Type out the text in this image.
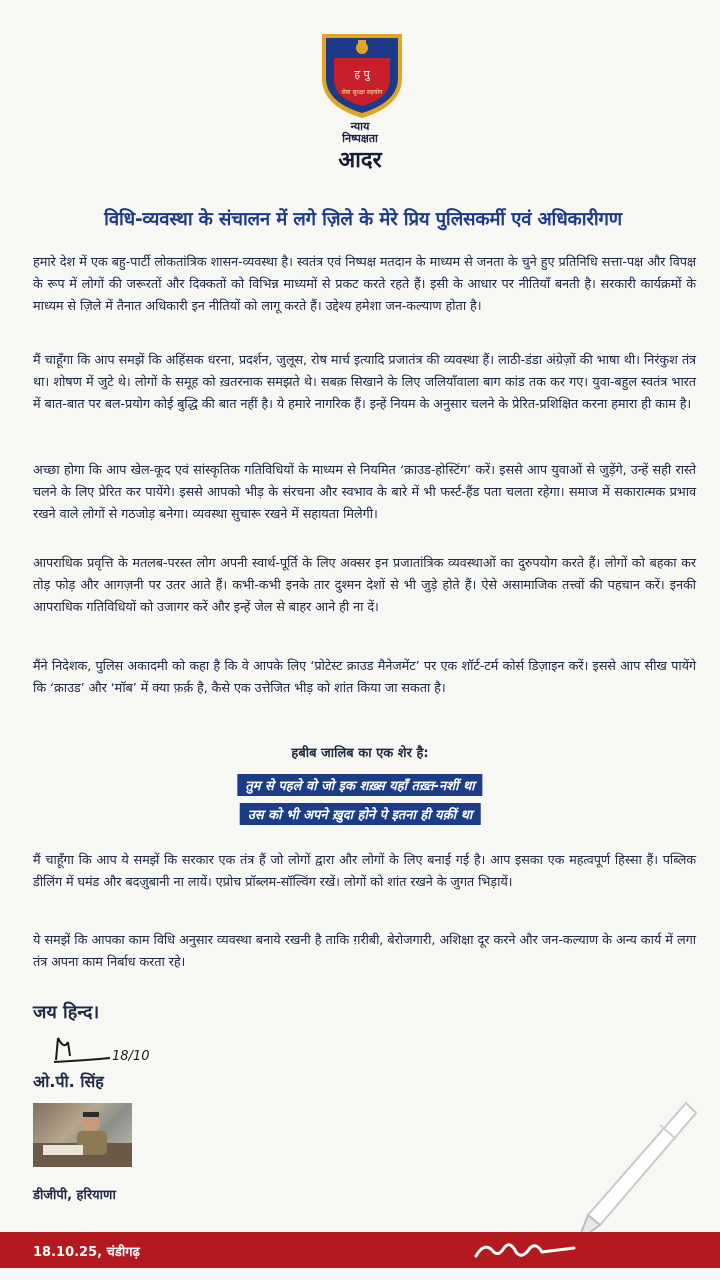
ह पु
सेवा सुरक्षा सहयोग
न्याय
निष्पक्षता
आदर
विधि-व्यवस्था के संचालन में लगे ज़िले के मेरे प्रिय पुलिसकर्मी एवं अधिकारीगण
हमारे देश में एक बहु-पार्टी लोकतांत्रिक शासन-व्यवस्था है। स्वतंत्र एवं निष्पक्ष मतदान के माध्यम से जनता के चुने हुए प्रतिनिधि सत्ता-पक्ष और विपक्ष के रूप में लोगों की जरूरतों और दिक्कतों को विभिन्न माध्यमों से प्रकट करते रहते हैं। इसी के आधार पर नीतियाँ बनती है। सरकारी कार्यक्रमों के माध्यम से ज़िले में तैनात अधिकारी इन नीतियों को लागू करते हैं। उद्देश्य हमेशा जन-कल्याण होता है।
मैं चाहूँगा कि आप समझें कि अहिंसक धरना, प्रदर्शन, जुलूस, रोष मार्च इत्यादि प्रजातंत्र की व्यवस्था हैं। लाठी-डंडा अंग्रेज़ों की भाषा थी। निरंकुश तंत्र था। शोषण में जुटे थे। लोगों के समूह को ख़तरनाक समझते थे। सबक़ सिखाने के लिए जलियाँवाला बाग कांड तक कर गए। युवा-बहुल स्वतंत्र भारत में बात-बात पर बल-प्रयोग कोई बुद्धि की बात नहीं है। ये हमारे नागरिक हैं। इन्हें नियम के अनुसार चलने के प्रेरित-प्रशिक्षित करना हमारा ही काम है।
अच्छा होगा कि आप खेल-कूद एवं सांस्कृतिक गतिविधियों के माध्यम से नियमित ‘क्राउड-होस्टिंग’ करें। इससे आप युवाओं से जुड़ेंगे, उन्हें सही रास्ते चलने के लिए प्रेरित कर पायेंगे। इससे आपको भीड़ के संरचना और स्वभाव के बारे में भी फर्स्ट-हैंड पता चलता रहेगा। समाज में सकारात्मक प्रभाव रखने वाले लोगों से गठजोड़ बनेगा। व्यवस्था सुचारू रखने में सहायता मिलेगी।
आपराधिक प्रवृत्ति के मतलब-परस्त लोग अपनी स्वार्थ-पूर्ति के लिए अक्सर इन प्रजातांत्रिक व्यवस्थाओं का दुरुपयोग करते हैं। लोगों को बहका कर तोड़ फोड़ और आगज़नी पर उतर आते हैं। कभी-कभी इनके तार दुश्मन देशों से भी जुड़े होते हैं। ऐसे असामाजिक तत्त्वों की पहचान करें। इनकी आपराधिक गतिविधियों को उजागर करें और इन्हें जेल से बाहर आने ही ना दें।
मैंने निदेशक, पुलिस अकादमी को कहा है कि वे आपके लिए ‘प्रोटेस्ट क्राउड मैनेजमेंट’ पर एक शॉर्ट-टर्म कोर्स डिज़ाइन करें। इससे आप सीख पायेंगे कि ‘क्राउड’ और ‘मॉब’ में क्या फ़र्क़ है, कैसे एक उत्तेजित भीड़ को शांत किया जा सकता है।
हबीब जालिब का एक शेर है:
तुम से पहले वो जो इक शख़्स यहाँ तख़्त-नशीं था
उस को भी अपने ख़ुदा होने पे इतना ही यक़ीं था
मैं चाहूँगा कि आप ये समझें कि सरकार एक तंत्र हैं जो लोगों द्वारा और लोगों के लिए बनाई गई है। आप इसका एक महत्वपूर्ण हिस्सा हैं। पब्लिक डीलिंग में घमंड और बदज़ुबानी ना लायें। एप्रोच प्रॉब्लम-सॉल्विंग रखें। लोगों को शांत रखने के जुगत भिड़ायें।
ये समझें कि आपका काम विधि अनुसार व्यवस्था बनाये रखनी है ताकि ग़रीबी, बेरोजगारी, अशिक्षा दूर करने और जन-कल्याण के अन्य कार्य में लगा तंत्र अपना काम निर्बाध करता रहे।
जय हिन्द।
18/10
ओ.पी. सिंह
डीजीपी, हरियाणा
18.10.25, चंडीगढ़
